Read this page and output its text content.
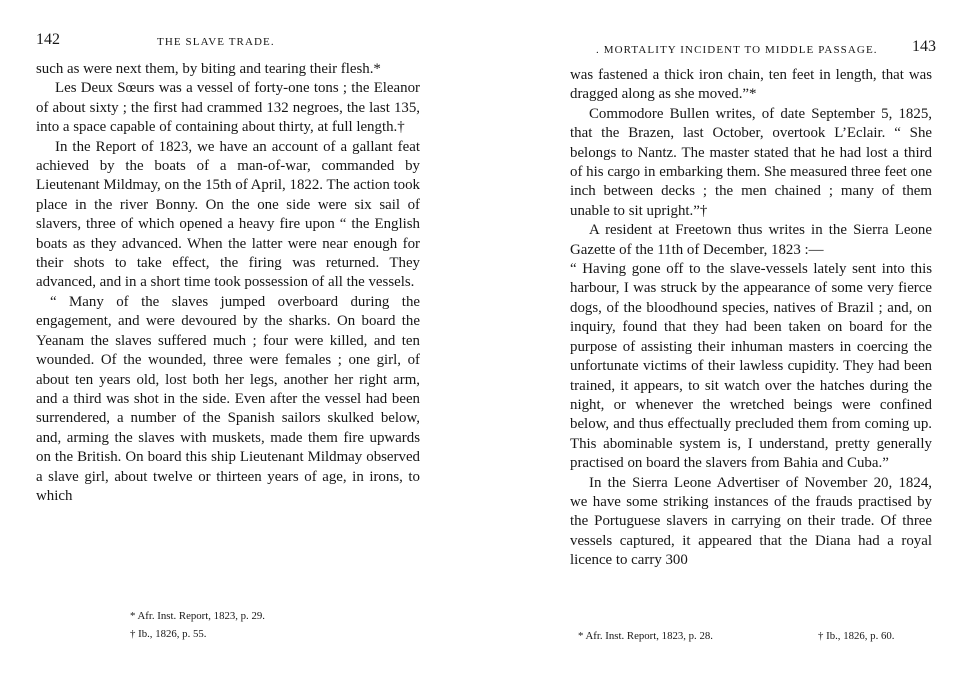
142	THE SLAVE TRADE.

such as were next them, by biting and tearing their flesh.*

Les Deux Sœurs was a vessel of forty-one tons ; the Eleanor of about sixty ; the first had crammed 132 negroes, the last 135, into a space capable of containing about thirty, at full length.†

In the Report of 1823, we have an account of a gallant feat achieved by the boats of a man-of-war, commanded by Lieutenant Mildmay, on the 15th of April, 1822. The action took place in the river Bonny. On the one side were six sail of slavers, three of which opened a heavy fire upon “ the English boats as they advanced. When the latter were near enough for their shots to take effect, the firing was returned. They advanced, and in a short time took possession of all the vessels.

“ Many of the slaves jumped overboard during the engagement, and were devoured by the sharks. On board the Yeanam the slaves suffered much ; four were killed, and ten wounded. Of the wounded, three were females ; one girl, of about ten years old, lost both her legs, another her right arm, and a third was shot in the side. Even after the vessel had been surrendered, a number of the Spanish sailors skulked below, and, arming the slaves with muskets, made them fire upwards on the British. On board this ship Lieutenant Mildmay observed a slave girl, about twelve or thirteen years of age, in irons, to which

* Afr. Inst. Report, 1823, p. 29.
† Ib., 1826, p. 55.
. MORTALITY INCIDENT TO MIDDLE PASSAGE. 143

was fastened a thick iron chain, ten feet in length, that was dragged along as she moved.”*

Commodore Bullen writes, of date September 5, 1825, that the Brazen, last October, overtook L’Eclair. “ She belongs to Nantz. The master stated that he had lost a third of his cargo in embarking them. She measured three feet one inch between decks ; the men chained ; many of them unable to sit upright.”†

A resident at Freetown thus writes in the Sierra Leone Gazette of the 11th of December, 1823 :—

“ Having gone off to the slave-vessels lately sent into this harbour, I was struck by the appearance of some very fierce dogs, of the bloodhound species, natives of Brazil ; and, on inquiry, found that they had been taken on board for the purpose of assisting their inhuman masters in coercing the unfortunate victims of their lawless cupidity. They had been trained, it appears, to sit watch over the hatches during the night, or whenever the wretched beings were confined below, and thus effectually precluded them from coming up. This abominable system is, I understand, pretty generally practised on board the slavers from Bahia and Cuba.”

In the Sierra Leone Advertiser of November 20, 1824, we have some striking instances of the frauds practised by the Portuguese slavers in carrying on their trade. Of three vessels captured, it appeared that the Diana had a royal licence to carry 300

* Afr. Inst. Report, 1823, p. 28.	† Ib., 1826, p. 60.
